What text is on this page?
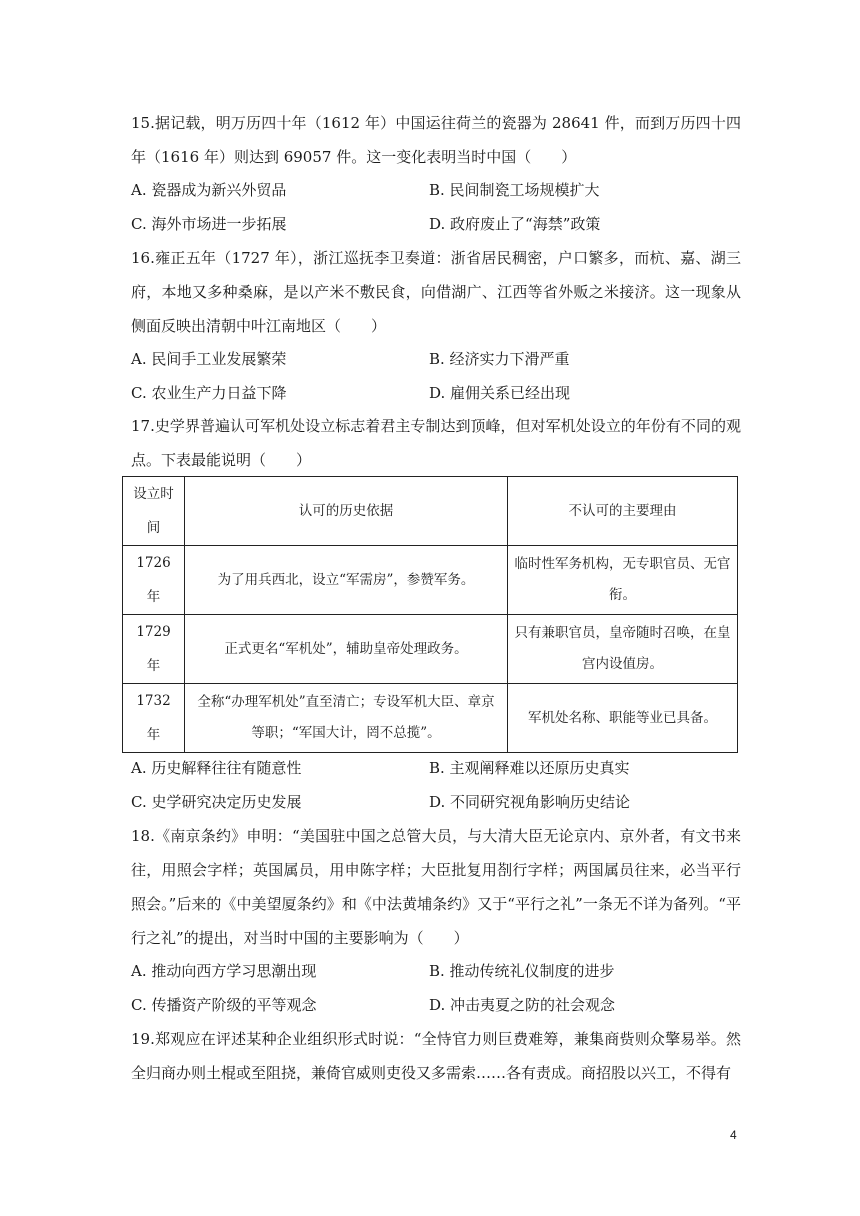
15.据记载，明万历四十年（1612 年）中国运往荷兰的瓷器为 28641 件，而到万历四十四年（1616 年）则达到 69057 件。这一变化表明当时中国（　　）

A. 瓷器成为新兴外贸品	B. 民间制瓷工场规模扩大
C. 海外市场进一步拓展	D. 政府废止了“海禁”政策

16.雍正五年（1727 年），浙江巡抚李卫奏道：浙省居民稠密，户口繁多，而杭、嘉、湖三府，本地又多种桑麻，是以产米不敷民食，向借湖广、江西等省外贩之米接济。这一现象从侧面反映出清朝中叶江南地区（　　）

A. 民间手工业发展繁荣	B. 经济实力下滑严重
C. 农业生产力日益下降	D. 雇佣关系已经出现

17.史学界普遍认可军机处设立标志着君主专制达到顶峰，但对军机处设立的年份有不同的观点。下表最能说明（　　）

设立时间	认可的历史依据	不认可的主要理由
1726 年	为了用兵西北，设立“军需房”，参赞军务。	临时性军务机构，无专职官员、无官衔。
1729 年	正式更名“军机处”，辅助皇帝处理政务。	只有兼职官员，皇帝随时召唤，在皇宫内设值房。
1732 年	全称“办理军机处”直至清亡；专设军机大臣、章京等职；“军国大计，罔不总揽”。	军机处名称、职能等业已具备。
A. 历史解释往往有随意性	B. 主观阐释难以还原历史真实
C. 史学研究决定历史发展	D. 不同研究视角影响历史结论

18.《南京条约》申明：“美国驻中国之总管大员，与大清大臣无论京内、京外者，有文书来往，用照会字样；英国属员，用申陈字样；大臣批复用剳行字样；两国属员往来，必当平行照会。”后来的《中美望厦条约》和《中法黄埔条约》又于“平行之礼”一条无不详为备列。“平行之礼”的提出，对当时中国的主要影响为（　　）

A. 推动向西方学习思潮出现	B. 推动传统礼仪制度的进步
C. 传播资产阶级的平等观念	D. 冲击夷夏之防的社会观念

19.郑观应在评述某种企业组织形式时说：“全恃官力则巨费难筹，兼集商赀则众擎易举。然全归商办则土棍或至阻挠，兼倚官威则吏役又多需索……各有责成。商招股以兴工，不得有

4
